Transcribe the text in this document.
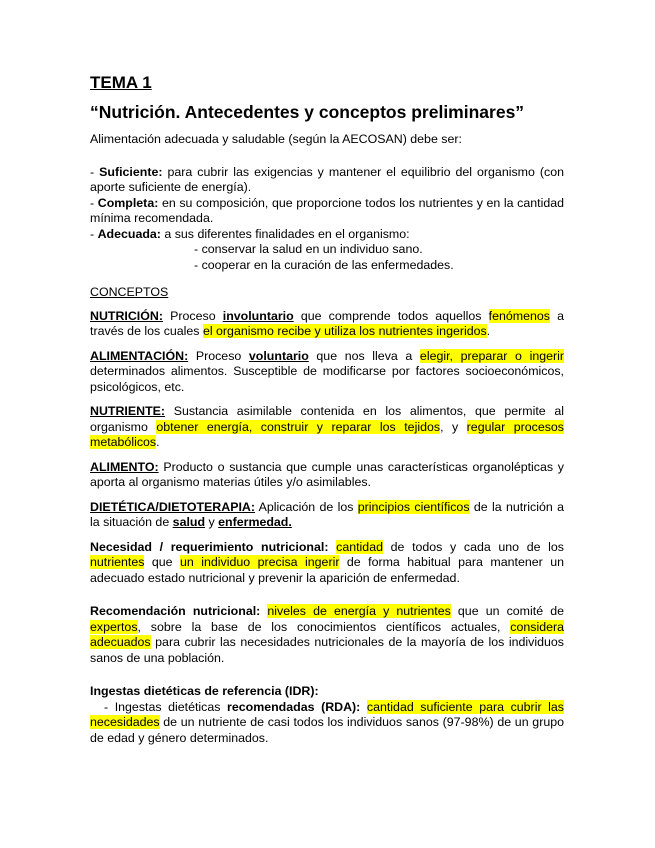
TEMA 1
“Nutrición. Antecedentes y conceptos preliminares”

Alimentación adecuada y saludable (según la AECOSAN) debe ser:

- Suficiente: para cubrir las exigencias y mantener el equilibrio del organismo (con aporte suficiente de energía).

- Completa: en su composición, que proporcione todos los nutrientes y en la cantidad mínima recomendada.

- Adecuada: a sus diferentes finalidades en el organismo:

- conservar la salud en un individuo sano.

- cooperar en la curación de las enfermedades.

CONCEPTOS

NUTRICIÓN: Proceso involuntario que comprende todos aquellos fenómenos a través de los cuales el organismo recibe y utiliza los nutrientes ingeridos.

ALIMENTACIÓN: Proceso voluntario que nos lleva a elegir, preparar o ingerir determinados alimentos. Susceptible de modificarse por factores socioeconómicos, psicológicos, etc.

NUTRIENTE: Sustancia asimilable contenida en los alimentos, que permite al organismo obtener energía, construir y reparar los tejidos, y regular procesos metabólicos.

ALIMENTO: Producto o sustancia que cumple unas características organolépticas y aporta al organismo materias útiles y/o asimilables.

DIETÉTICA/DIETOTERAPIA: Aplicación de los principios científicos de la nutrición a la situación de salud y enfermedad.

Necesidad / requerimiento nutricional: cantidad de todos y cada uno de los nutrientes que un individuo precisa ingerir de forma habitual para mantener un adecuado estado nutricional y prevenir la aparición de enfermedad.

Recomendación nutricional: niveles de energía y nutrientes que un comité de expertos, sobre la base de los conocimientos científicos actuales, considera adecuados para cubrir las necesidades nutricionales de la mayoría de los individuos sanos de una población.

Ingestas dietéticas de referencia (IDR):

- Ingestas dietéticas recomendadas (RDA): cantidad suficiente para cubrir las necesidades de un nutriente de casi todos los individuos sanos (97-98%) de un grupo de edad y género determinados.
